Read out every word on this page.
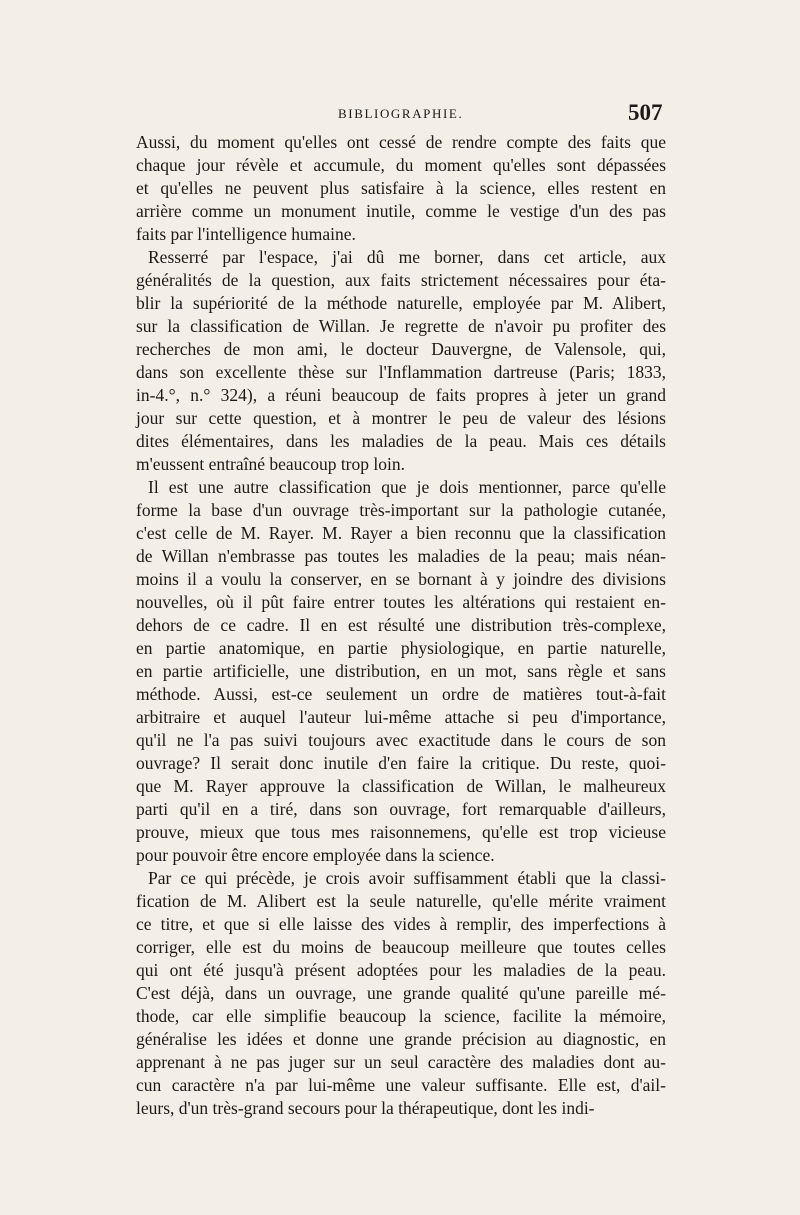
BIBLIOGRAPHIE.	507
Aussi, du moment qu'elles ont cessé de rendre compte des faits que
chaque jour révèle et accumule, du moment qu'elles sont dépassées
et qu'elles ne peuvent plus satisfaire à la science, elles restent en
arrière comme un monument inutile, comme le vestige d'un des pas
faits par l'intelligence humaine.
Resserré par l'espace, j'ai dû me borner, dans cet article, aux
généralités de la question, aux faits strictement nécessaires pour éta-
blir la supériorité de la méthode naturelle, employée par M. Alibert,
sur la classification de Willan. Je regrette de n'avoir pu profiter des
recherches de mon ami, le docteur Dauvergne, de Valensole, qui,
dans son excellente thèse sur l'Inflammation dartreuse (Paris; 1833,
in-4.°, n.° 324), a réuni beaucoup de faits propres à jeter un grand
jour sur cette question, et à montrer le peu de valeur des lésions
dites élémentaires, dans les maladies de la peau. Mais ces détails
m'eussent entraîné beaucoup trop loin.
Il est une autre classification que je dois mentionner, parce qu'elle
forme la base d'un ouvrage très-important sur la pathologie cutanée,
c'est celle de M. Rayer. M. Rayer a bien reconnu que la classification
de Willan n'embrasse pas toutes les maladies de la peau; mais néan-
moins il a voulu la conserver, en se bornant à y joindre des divisions
nouvelles, où il pût faire entrer toutes les altérations qui restaient en-
dehors de ce cadre. Il en est résulté une distribution très-complexe,
en partie anatomique, en partie physiologique, en partie naturelle,
en partie artificielle, une distribution, en un mot, sans règle et sans
méthode. Aussi, est-ce seulement un ordre de matières tout-à-fait
arbitraire et auquel l'auteur lui-même attache si peu d'importance,
qu'il ne l'a pas suivi toujours avec exactitude dans le cours de son
ouvrage? Il serait donc inutile d'en faire la critique. Du reste, quoi-
que M. Rayer approuve la classification de Willan, le malheureux
parti qu'il en a tiré, dans son ouvrage, fort remarquable d'ailleurs,
prouve, mieux que tous mes raisonnemens, qu'elle est trop vicieuse
pour pouvoir être encore employée dans la science.
Par ce qui précède, je crois avoir suffisamment établi que la classi-
fication de M. Alibert est la seule naturelle, qu'elle mérite vraiment
ce titre, et que si elle laisse des vides à remplir, des imperfections à
corriger, elle est du moins de beaucoup meilleure que toutes celles
qui ont été jusqu'à présent adoptées pour les maladies de la peau.
C'est déjà, dans un ouvrage, une grande qualité qu'une pareille mé-
thode, car elle simplifie beaucoup la science, facilite la mémoire,
généralise les idées et donne une grande précision au diagnostic, en
apprenant à ne pas juger sur un seul caractère des maladies dont au-
cun caractère n'a par lui-même une valeur suffisante. Elle est, d'ail-
leurs, d'un très-grand secours pour la thérapeutique, dont les indi-
